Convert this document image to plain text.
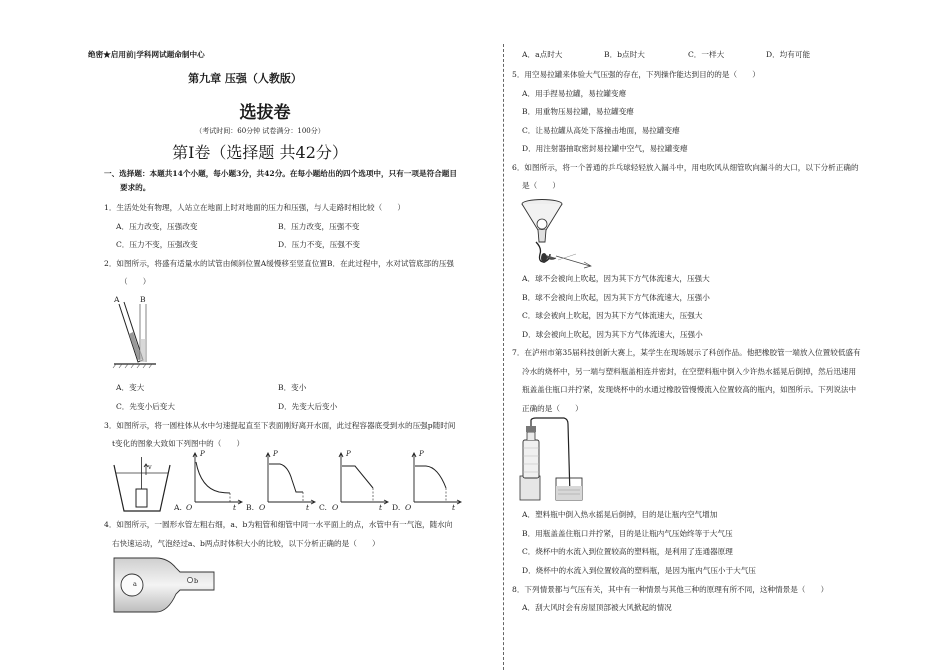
绝密★启用前|学科网试题命制中心
第九章 压强（人教版）
选拔卷
（考试时间：60分钟 试卷满分：100分）
第Ⅰ卷（选择题 共42分）
一、选择题：本题共14个小题，每小题3分，共42分。在每小题给出的四个选项中，只有一项是符合题目
要求的。
1．生活处处有物理，人站立在地面上时对地面的压力和压强，与人走路时相比较（　　）
A．压力改变，压强改变	B．压力改变，压强不变
C．压力不变，压强改变	D．压力不变，压强不变
2．如图所示，将盛有适量水的试管由倾斜位置A缓慢移至竖直位置B．在此过程中，水对试管底部的压强
（　　）
A	B
A．变大	B．变小
C．先变小后变大	D．先变大后变小
3．如图所示，将一圆柱体从水中匀速提起直至下表面刚好离开水面，此过程容器底受到水的压强p随时间
t变化的图象大致如下列图中的（　　）
v
P	P	P	P
A. O	t B. O	t C. O	t D. O	t
4．如图所示，一圆形水管左粗右细，a、b为粗管和细管中同一水平面上的点，水管中有一气泡，随水向
右快速运动，气泡经过a、b两点时体积大小的比较，以下分析正确的是（　　）
a	b
A．a点时大	B．b点时大	C．一样大	D．均有可能
5．用空易拉罐来体验大气压强的存在，下列操作能达到目的的是（　　）
A．用手捏易拉罐，易拉罐变瘪
B．用重物压易拉罐，易拉罐变瘪
C．让易拉罐从高处下落撞击地面，易拉罐变瘪
D．用注射器抽取密封易拉罐中空气，易拉罐变瘪
6．如图所示，将一个普通的乒乓球轻轻放入漏斗中，用电吹风从细管吹向漏斗的大口，以下分析正确的
是（　　）
A．球不会被向上吹起，因为其下方气体流速大，压强大
B．球不会被向上吹起，因为其下方气体流速大，压强小
C．球会被向上吹起，因为其下方气体流速大，压强大
D．球会被向上吹起，因为其下方气体流速大，压强小
7．在泸州市第35届科技创新大赛上，某学生在现场展示了科创作品。他把橡胶管一端放入位置较低盛有
冷水的烧杯中，另一端与塑料瓶盖相连并密封，在空塑料瓶中倒入少许热水摇晃后倒掉，然后迅速用
瓶盖盖住瓶口并拧紧，发现烧杯中的水通过橡胶管慢慢流入位置较高的瓶内，如图所示。下列说法中
正确的是（　　）
A．塑料瓶中倒入热水摇晃后倒掉，目的是让瓶内空气增加
B．用瓶盖盖住瓶口并拧紧，目的是让瓶内气压始终等于大气压
C．烧杯中的水流入到位置较高的塑料瓶，是利用了连通器原理
D．烧杯中的水流入到位置较高的塑料瓶，是因为瓶内气压小于大气压
8．下列情景都与气压有关，其中有一种情景与其他三种的原理有所不同，这种情景是（　　）
A．刮大风时会有房屋顶部被大风掀起的情况
